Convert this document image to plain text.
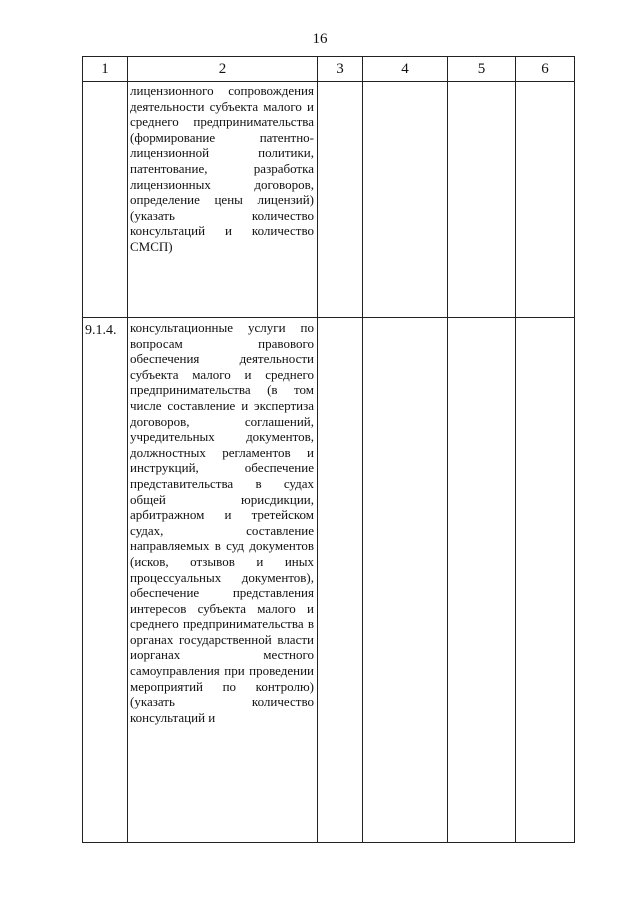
16
1	2	3	4	5	6
	лицензионного сопровождения деятельности субъекта малого и среднего предпринимательства (формирование патентно-лицензионной политики, патентование, разработка лицензионных договоров, определение цены лицензий) (указать количество консультаций и количество СМСП)				
9.1.4.	консультационные услуги по вопросам правового обеспечения деятельности субъекта малого и среднего предпринимательства (в том числе составление и экспертиза договоров, соглашений, учредительных документов, должностных регламентов и инструкций, обеспечение представительства в судах общей юрисдикции, арбитражном и третейском судах, составление направляемых в суд документов (исков, отзывов и иных процессуальных документов), обеспечение представления интересов субъекта малого и среднего предпринимательства в органах государственной власти иорганах местного самоуправления при проведении мероприятий по контролю) (указать количество консультаций и				
